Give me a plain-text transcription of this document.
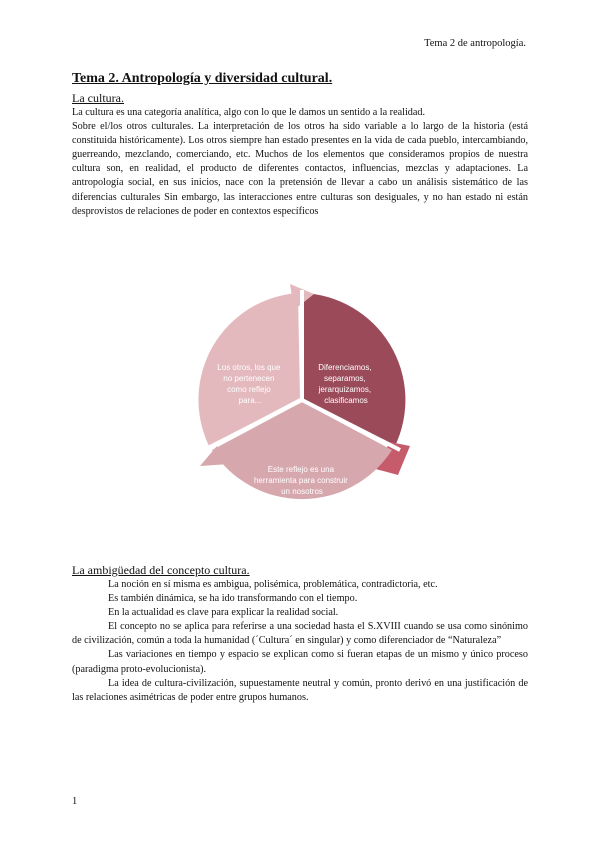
Tema 2 de antropología.
Tema 2. Antropología y diversidad cultural.
La cultura.

La cultura es una categoría analítica, algo con lo que le damos un sentido a la realidad.

Sobre el/los otros culturales. La interpretación de los otros ha sido variable a lo largo de la historia (está constituida históricamente). Los otros siempre han estado presentes en la vida de cada pueblo, intercambiando, guerreando, mezclando, comerciando, etc. Muchos de los elementos que consideramos propios de nuestra cultura son, en realidad, el producto de diferentes contactos, influencias, mezclas y adaptaciones. La antropología social, en sus inicios, nace con la pretensión de llevar a cabo un análisis sistemático de las diferencias culturales Sin embargo, las interacciones entre culturas son desiguales, y no han estado ni están desprovistos de relaciones de poder en contextos específicos

Diferenciamos, separamos, jerarquizamos, clasificamos
Este reflejo es una herramienta para construir un nosotros
Los otros, los que no pertenecen como reflejo para...
La ambigüedad del concepto cultura.

La noción en sí misma es ambigua, polisémica, problemática, contradictoria, etc.

Es también dinámica, se ha ido transformando con el tiempo.

En la actualidad es clave para explicar la realidad social.

El concepto no se aplica para referirse a una sociedad hasta el S.XVIII cuando se usa como sinónimo de civilización, común a toda la humanidad (´Cultura´ en singular) y como diferenciador de “Naturaleza”

Las variaciones en tiempo y espacio se explican como si fueran etapas de un mismo y único proceso (paradigma proto-evolucionista).

La idea de cultura-civilización, supuestamente neutral y común, pronto derivó en una justificación de las relaciones asimétricas de poder entre grupos humanos.

1
